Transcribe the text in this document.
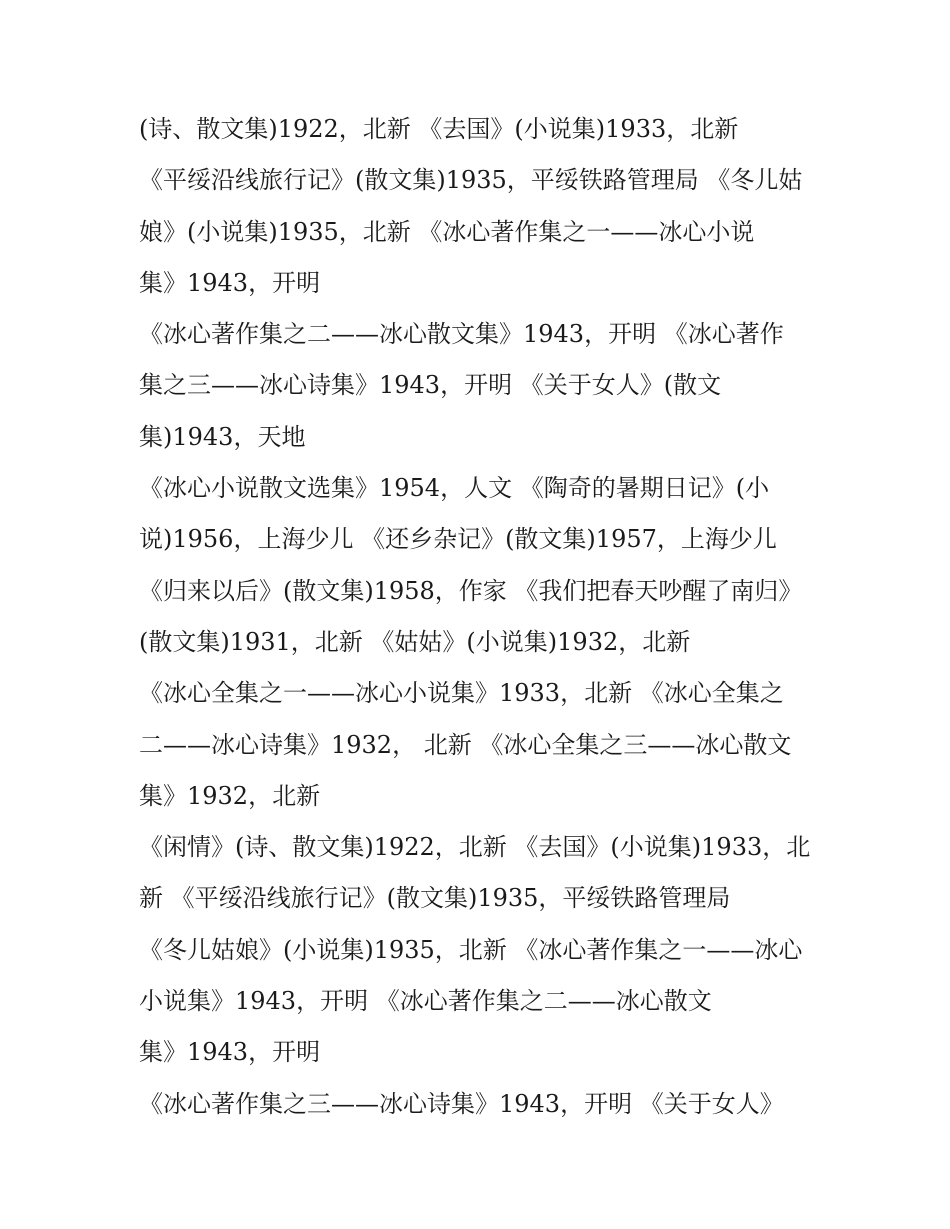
(诗、散文集)1922，北新 《去国》(小说集)1933，北新
《平绥沿线旅行记》(散文集)1935，平绥铁路管理局 《冬儿姑
娘》(小说集)1935，北新 《冰心著作集之一——冰心小说
集》1943，开明
《冰心著作集之二——冰心散文集》1943，开明 《冰心著作
集之三——冰心诗集》1943，开明 《关于女人》(散文
集)1943，天地
《冰心小说散文选集》1954，人文 《陶奇的暑期日记》(小
说)1956，上海少儿 《还乡杂记》(散文集)1957，上海少儿
《归来以后》(散文集)1958，作家 《我们把春天吵醒了南归》
(散文集)1931，北新 《姑姑》(小说集)1932，北新
《冰心全集之一——冰心小说集》1933，北新 《冰心全集之
二——冰心诗集》1932， 北新 《冰心全集之三——冰心散文
集》1932，北新
《闲情》(诗、散文集)1922，北新 《去国》(小说集)1933，北
新 《平绥沿线旅行记》(散文集)1935，平绥铁路管理局
《冬儿姑娘》(小说集)1935，北新 《冰心著作集之一——冰心
小说集》1943，开明 《冰心著作集之二——冰心散文
集》1943，开明
《冰心著作集之三——冰心诗集》1943，开明 《关于女人》
